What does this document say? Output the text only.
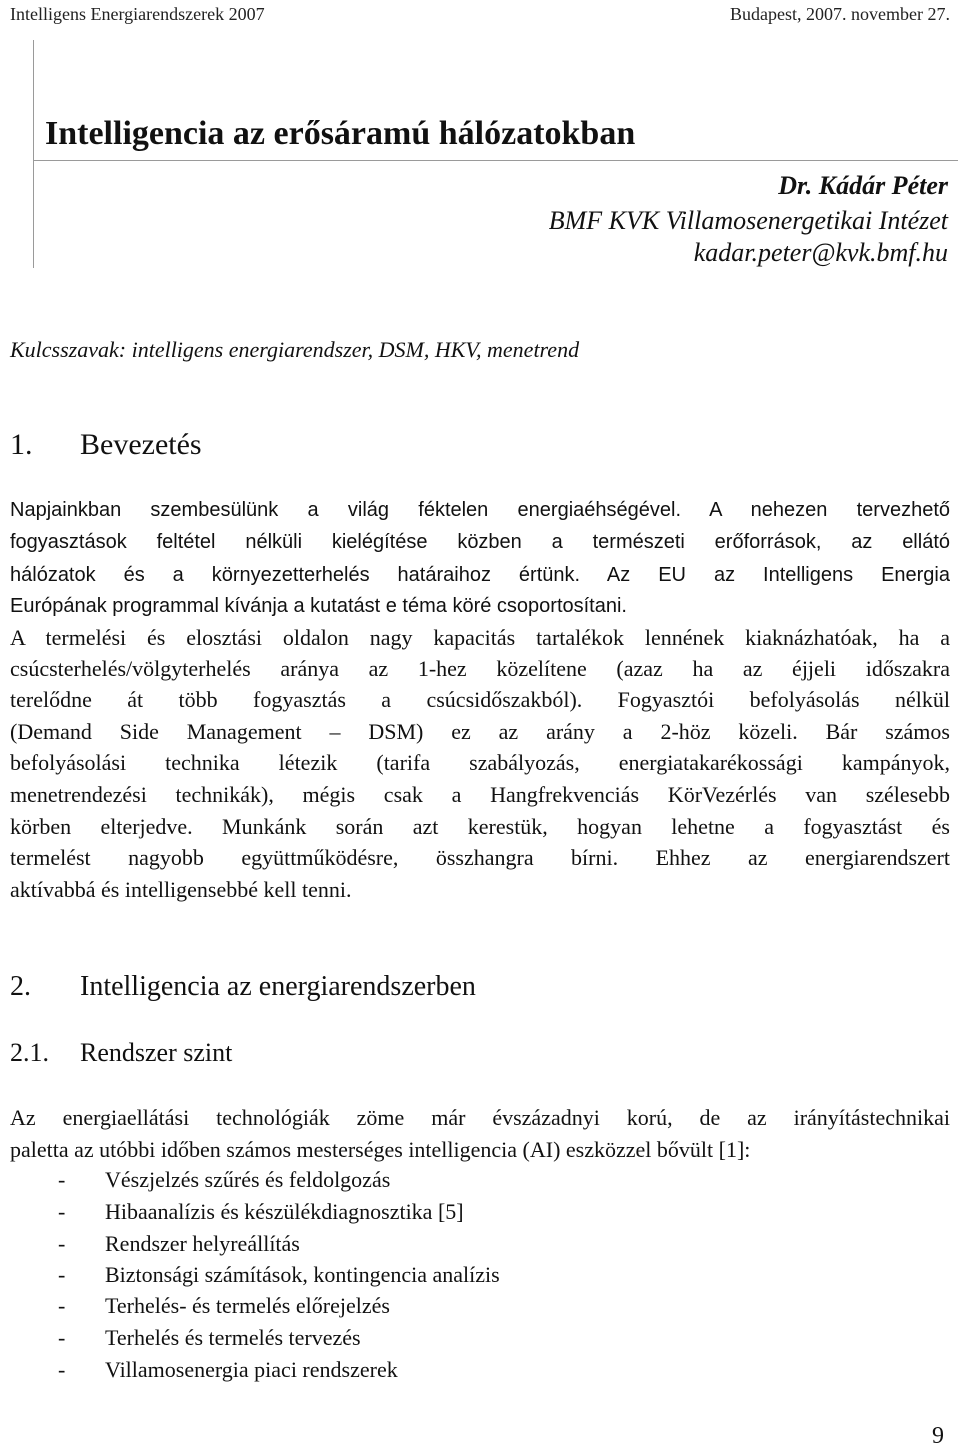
Intelligens Energiarendszerek 2007	Budapest, 2007. november 27.
Intelligencia az erősáramú hálózatokban
Dr. Kádár Péter
BMF KVK Villamosenergetikai Intézet
kadar.peter@kvk.bmf.hu
Kulcsszavak: intelligens energiarendszer, DSM, HKV, menetrend
1. Bevezetés
Napjainkban szembesülünk a világ féktelen energiaéhségével. A nehezen tervezhető
fogyasztások feltétel nélküli kielégítése közben a természeti erőforrások, az ellátó
hálózatok és a környezetterhelés határaihoz értünk. Az EU az Intelligens Energia
Európának programmal kívánja a kutatást e téma köré csoportosítani.
A termelési és elosztási oldalon nagy kapacitás tartalékok lennének kiaknázhatóak, ha a
csúcsterhelés/völgyterhelés aránya az 1-hez közelítene (azaz ha az éjjeli időszakra
terelődne át több fogyasztás a csúcsidőszakból). Fogyasztói befolyásolás nélkül
(Demand Side Management – DSM) ez az arány a 2-höz közeli. Bár számos
befolyásolási technika létezik (tarifa szabályozás, energiatakarékossági kampányok,
menetrendezési technikák), mégis csak a Hangfrekvenciás KörVezérlés van szélesebb
körben elterjedve. Munkánk során azt kerestük, hogyan lehetne a fogyasztást és
termelést nagyobb együttműködésre, összhangra bírni. Ehhez az energiarendszert
aktívabbá és intelligensebbé kell tenni.
2. Intelligencia az energiarendszerben
2.1. Rendszer szint
Az energiaellátási technológiák zöme már évszázadnyi korú, de az irányítástechnikai
paletta az utóbbi időben számos mesterséges intelligencia (AI) eszközzel bővült [1]:
- Vészjelzés szűrés és feldolgozás
- Hibaanalízis és készülékdiagnosztika [5]
- Rendszer helyreállítás
- Biztonsági számítások, kontingencia analízis
- Terhelés- és termelés előrejelzés
- Terhelés és termelés tervezés
- Villamosenergia piaci rendszerek
9
